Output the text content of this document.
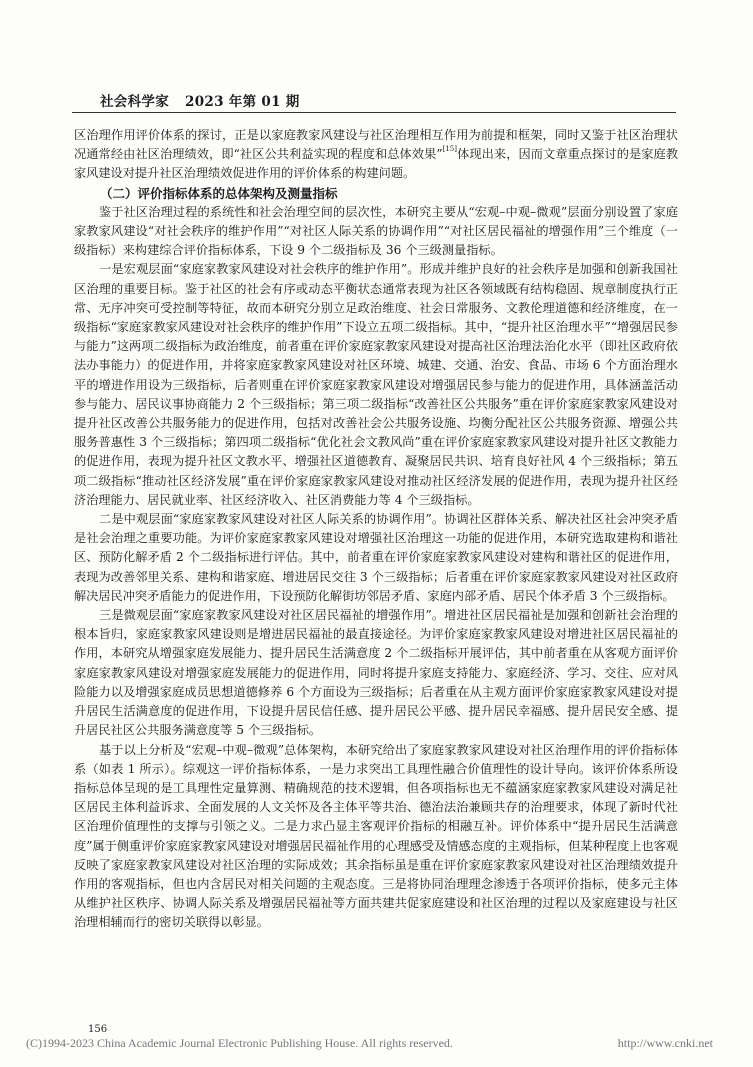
社会科学家 2023 年第 01 期

区治理作用评价体系的探讨，正是以家庭教家风建设与社区治理相互作用为前提和框架，同时又鉴于社区治理状况通常经由社区治理绩效，即“社区公共利益实现的程度和总体效果”[15]体现出来，因而文章重点探讨的是家庭教家风建设对提升社区治理绩效促进作用的评价体系的构建问题。

（二）评价指标体系的总体架构及测量指标

鉴于社区治理过程的系统性和社会治理空间的层次性，本研究主要从“宏观–中观–微观”层面分别设置了家庭家教家风建设“对社会秩序的维护作用”“对社区人际关系的协调作用”“对社区居民福祉的增强作用”三个维度（一级指标）来构建综合评价指标体系，下设 9 个二级指标及 36 个三级测量指标。

一是宏观层面“家庭家教家风建设对社会秩序的维护作用”。形成并维护良好的社会秩序是加强和创新我国社区治理的重要目标。鉴于社区的社会有序或动态平衡状态通常表现为社区各领域既有结构稳固、规章制度执行正常、无序冲突可受控制等特征，故而本研究分别立足政治维度、社会日常服务、文教伦理道德和经济维度，在一级指标“家庭家教家风建设对社会秩序的维护作用”下设立五项二级指标。其中，“提升社区治理水平”“增强居民参与能力”这两项二级指标为政治维度，前者重在评价家庭家教家风建设对提高社区治理法治化水平（即社区政府依法办事能力）的促进作用，并将家庭家教家风建设对社区环境、城建、交通、治安、食品、市场 6 个方面治理水平的增进作用设为三级指标，后者则重在评价家庭家教家风建设对增强居民参与能力的促进作用，具体涵盖活动参与能力、居民议事协商能力 2 个三级指标；第三项二级指标“改善社区公共服务”重在评价家庭家教家风建设对提升社区改善公共服务能力的促进作用，包括对改善社会公共服务设施、均衡分配社区公共服务资源、增强公共服务普惠性 3 个三级指标；第四项二级指标“优化社会文教风尚”重在评价家庭家教家风建设对提升社区文教能力的促进作用，表现为提升社区文教水平、增强社区道德教育、凝聚居民共识、培育良好社风 4 个三级指标；第五项二级指标“推动社区经济发展”重在评价家庭家教家风建设对推动社区经济发展的促进作用，表现为提升社区经济治理能力、居民就业率、社区经济收入、社区消费能力等 4 个三级指标。

二是中观层面“家庭家教家风建设对社区人际关系的协调作用”。协调社区群体关系、解决社区社会冲突矛盾是社会治理之重要功能。为评价家庭家教家风建设对增强社区治理这一功能的促进作用，本研究选取建构和谐社区、预防化解矛盾 2 个二级指标进行评估。其中，前者重在评价家庭家教家风建设对建构和谐社区的促进作用，表现为改善邻里关系、建构和谐家庭、增进居民交往 3 个三级指标；后者重在评价家庭家教家风建设对社区政府解决居民冲突矛盾能力的促进作用，下设预防化解街坊邻居矛盾、家庭内部矛盾、居民个体矛盾 3 个三级指标。

三是微观层面“家庭家教家风建设对社区居民福祉的增强作用”。增进社区居民福祉是加强和创新社会治理的根本旨归，家庭家教家风建设则是增进居民福祉的最直接途径。为评价家庭家教家风建设对增进社区居民福祉的作用，本研究从增强家庭发展能力、提升居民生活满意度 2 个二级指标开展评估，其中前者重在从客观方面评价家庭家教家风建设对增强家庭发展能力的促进作用，同时将提升家庭支持能力、家庭经济、学习、交往、应对风险能力以及增强家庭成员思想道德修养 6 个方面设为三级指标；后者重在从主观方面评价家庭家教家风建设对提升居民生活满意度的促进作用，下设提升居民信任感、提升居民公平感、提升居民幸福感、提升居民安全感、提升居民社区公共服务满意度等 5 个三级指标。

基于以上分析及“宏观–中观–微观”总体架构，本研究给出了家庭家教家风建设对社区治理作用的评价指标体系（如表 1 所示）。综观这一评价指标体系，一是力求突出工具理性融合价值理性的设计导向。该评价体系所设指标总体呈现的是工具理性定量算测、精确规范的技术逻辑，但各项指标也无不蕴涵家庭家教家风建设对满足社区居民主体利益诉求、全面发展的人文关怀及各主体平等共治、德治法治兼顾共存的治理要求，体现了新时代社区治理价值理性的支撑与引领之义。二是力求凸显主客观评价指标的相融互补。评价体系中“提升居民生活满意度”属于侧重评价家庭家教家风建设对增强居民福祉作用的心理感受及情感态度的主观指标，但某种程度上也客观反映了家庭家教家风建设对社区治理的实际成效；其余指标虽是重在评价家庭家教家风建设对社区治理绩效提升作用的客观指标，但也内含居民对相关问题的主观态度。三是将协同治理理念渗透于各项评价指标，使多元主体从维护社区秩序、协调人际关系及增强居民福祉等方面共建共促家庭建设和社区治理的过程以及家庭建设与社区治理相辅而行的密切关联得以彰显。

156
(C)1994-2023 China Academic Journal Electronic Publishing House. All rights reserved.	http://www.cnki.net
